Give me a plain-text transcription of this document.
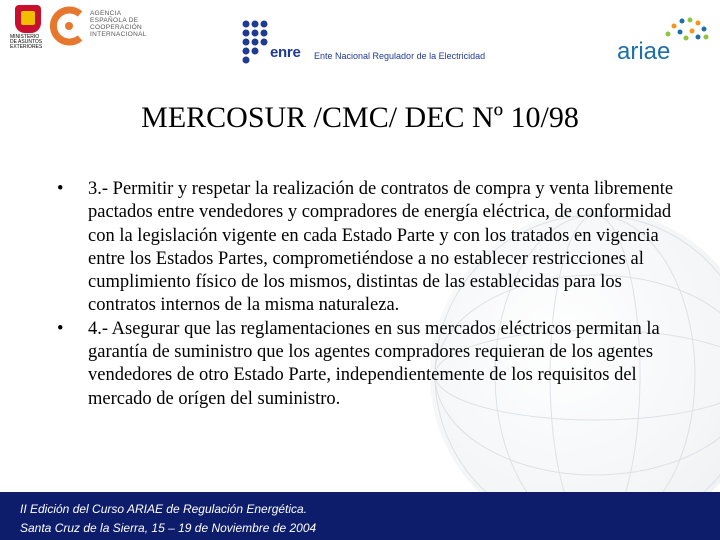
MINISTERIO DE ASUNTOS EXTERIORES
AGENCIA
ESPAÑOLA DE
COOPERACIÓN
INTERNACIONAL
enre Ente Nacional Regulador de la Electricidad	ariae
MERCOSUR /CMC/ DEC Nº 10/98
• 3.- Permitir y respetar la realización de contratos de compra y venta libremente pactados entre vendedores y compradores de energía eléctrica, de conformidad con la legislación vigente en cada Estado Parte y con los tratados en vigencia entre los Estados Partes, comprometiéndose a no establecer restricciones al cumplimiento físico de los mismos, distintas de las establecidas para los contratos internos de la misma naturaleza.
• 4.- Asegurar que las reglamentaciones en sus mercados eléctricos permitan la garantía de suministro que los agentes compradores requieran de los agentes vendedores de otro Estado Parte, independientemente de los requisitos del mercado de orígen del suministro.
II Edición del Curso ARIAE de Regulación Energética.
Santa Cruz de la Sierra, 15 – 19 de Noviembre de 2004
